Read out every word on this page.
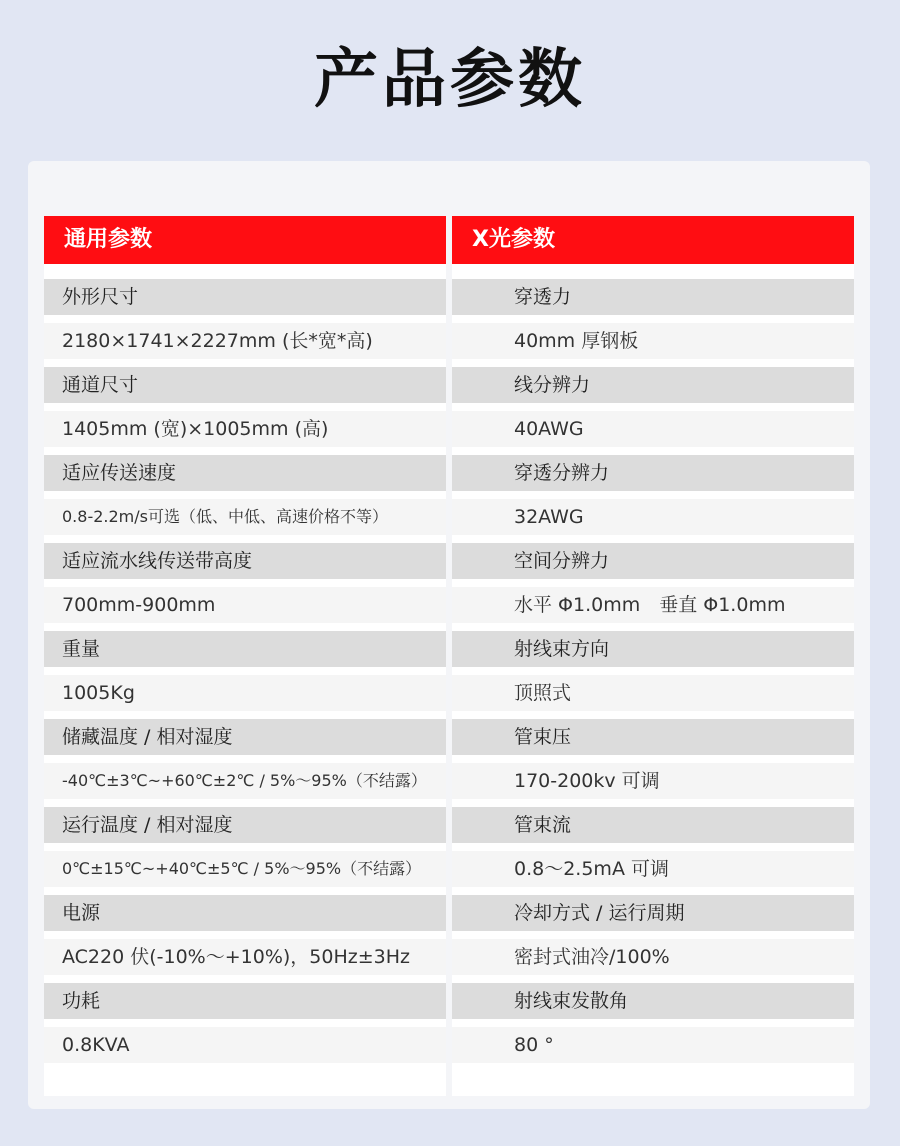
产品参数
通用参数
外形尺寸
2180×1741×2227mm (长*宽*高)
通道尺寸
1405mm (宽)×1005mm (高)
适应传送速度
0.8-2.2m/s可选（低、中低、高速价格不等）
适应流水线传送带高度
700mm-900mm
重量
1005Kg
储藏温度 / 相对湿度
-40℃±3℃~+60℃±2℃ / 5%～95%（不结露）
运行温度 / 相对湿度
0℃±15℃~+40℃±5℃ / 5%～95%（不结露）
电源
AC220 伏(-10%～+10%)，50Hz±3Hz
功耗
0.8KVA
X光参数
穿透力
40mm 厚钢板
线分辨力
40AWG
穿透分辨力
32AWG
空间分辨力
水平 Φ1.0mm　垂直 Φ1.0mm
射线束方向
顶照式
管束压
170-200kv 可调
管束流
0.8～2.5mA 可调
冷却方式 / 运行周期
密封式油冷/100%
射线束发散角
80 °
